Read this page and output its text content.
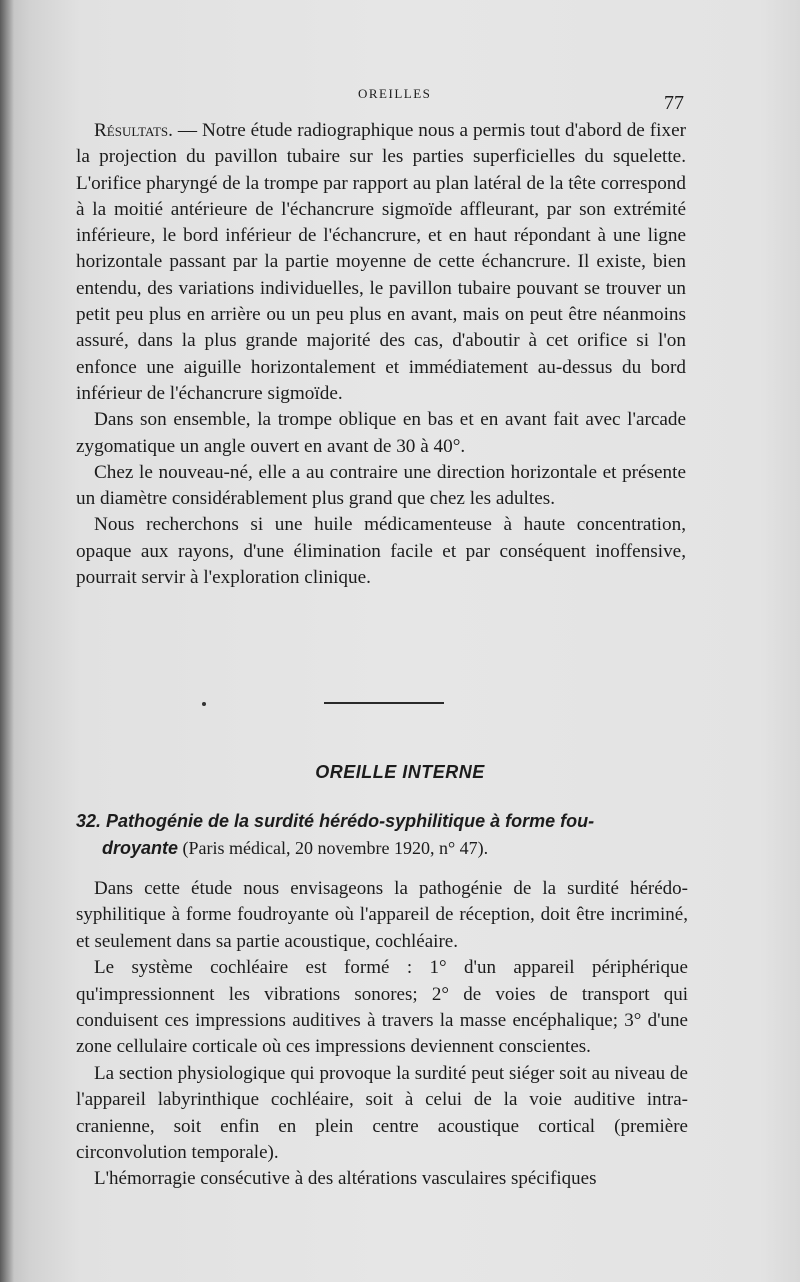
OREILLES	77

Résultats. — Notre étude radiographique nous a permis tout d'abord de fixer la projection du pavillon tubaire sur les parties superficielles du squelette. L'orifice pharyngé de la trompe par rapport au plan latéral de la tête correspond à la moitié antérieure de l'échancrure sigmoïde affleurant, par son extrémité inférieure, le bord inférieur de l'échancrure, et en haut répondant à une ligne horizontale passant par la partie moyenne de cette échancrure. Il existe, bien entendu, des variations individuelles, le pavillon tubaire pouvant se trouver un petit peu plus en arrière ou un peu plus en avant, mais on peut être néanmoins assuré, dans la plus grande majorité des cas, d'aboutir à cet orifice si l'on enfonce une aiguille horizontalement et immédiatement au-dessus du bord inférieur de l'échancrure sigmoïde.

Dans son ensemble, la trompe oblique en bas et en avant fait avec l'arcade zygomatique un angle ouvert en avant de 30 à 40°.

Chez le nouveau-né, elle a au contraire une direction horizontale et présente un diamètre considérablement plus grand que chez les adultes.

Nous recherchons si une huile médicamenteuse à haute concentration, opaque aux rayons, d'une élimination facile et par conséquent inoffensive, pourrait servir à l'exploration clinique.

OREILLE INTERNE
32. Pathogénie de la surdité hérédo-syphilitique à forme fou-
droyante (Paris médical, 20 novembre 1920, n° 47).

Dans cette étude nous envisageons la pathogénie de la surdité hérédo-syphilitique à forme foudroyante où l'appareil de réception, doit être incriminé, et seulement dans sa partie acoustique, cochléaire.

Le système cochléaire est formé : 1° d'un appareil périphérique qu'impressionnent les vibrations sonores; 2° de voies de transport qui conduisent ces impressions auditives à travers la masse encéphalique; 3° d'une zone cellulaire corticale où ces impressions deviennent conscientes.

La section physiologique qui provoque la surdité peut siéger soit au niveau de l'appareil labyrinthique cochléaire, soit à celui de la voie auditive intra-cranienne, soit enfin en plein centre acoustique cortical (première circonvolution temporale).

L'hémorragie consécutive à des altérations vasculaires spécifiques
